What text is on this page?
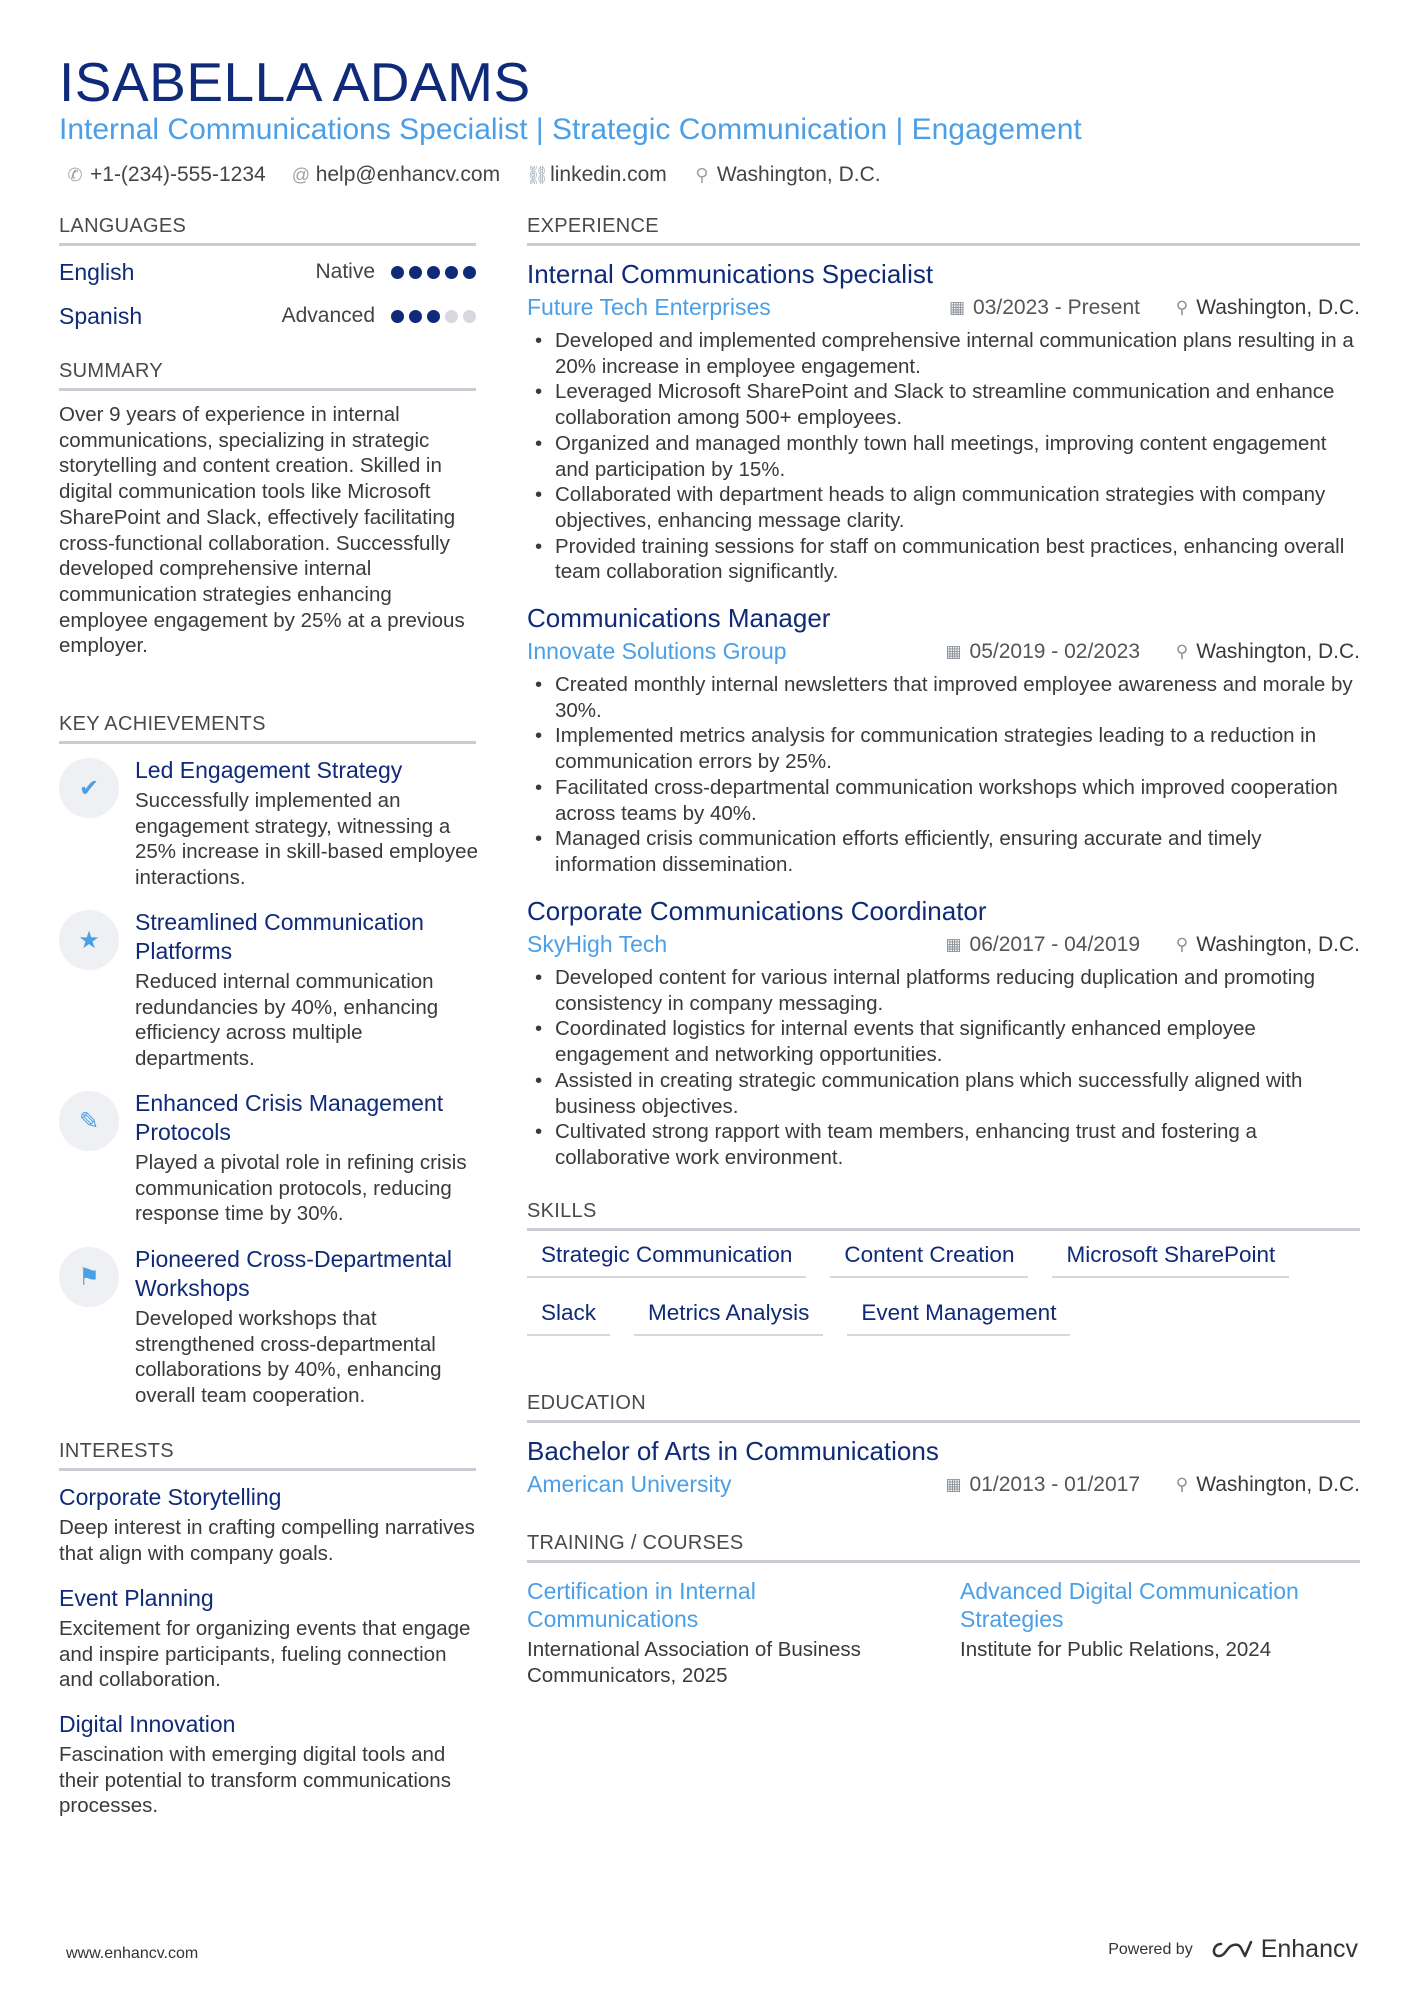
ISABELLA ADAMS
Internal Communications Specialist | Strategic Communication | Engagement
✆ +1-(234)-555-1234 @ help@enhancv.com ⛓ linkedin.com ⚲ Washington, D.C.
LANGUAGES
English	Native
Spanish	Advanced
SUMMARY
Over 9 years of experience in internal communications, specializing in strategic storytelling and content creation. Skilled in digital communication tools like Microsoft SharePoint and Slack, effectively facilitating cross-functional collaboration. Successfully developed comprehensive internal communication strategies enhancing employee engagement by 25% at a previous employer.
KEY ACHIEVEMENTS
✔
Led Engagement Strategy
Successfully implemented an engagement strategy, witnessing a 25% increase in skill-based employee interactions.
★
Streamlined Communication Platforms
Reduced internal communication redundancies by 40%, enhancing efficiency across multiple departments.
✎
Enhanced Crisis Management Protocols
Played a pivotal role in refining crisis communication protocols, reducing response time by 30%.
⚑
Pioneered Cross-Departmental Workshops
Developed workshops that strengthened cross-departmental collaborations by 40%, enhancing overall team cooperation.
INTERESTS
Corporate Storytelling
Deep interest in crafting compelling narratives that align with company goals.
Event Planning
Excitement for organizing events that engage and inspire participants, fueling connection and collaboration.
Digital Innovation
Fascination with emerging digital tools and their potential to transform communications processes.
EXPERIENCE
Internal Communications Specialist
Future Tech Enterprises	▦ 03/2023 - Present ⚲ Washington, D.C.
• Developed and implemented comprehensive internal communication plans resulting in a 20% increase in employee engagement.
• Leveraged Microsoft SharePoint and Slack to streamline communication and enhance collaboration among 500+ employees.
• Organized and managed monthly town hall meetings, improving content engagement and participation by 15%.
• Collaborated with department heads to align communication strategies with company objectives, enhancing message clarity.
• Provided training sessions for staff on communication best practices, enhancing overall team collaboration significantly.
Communications Manager
Innovate Solutions Group	▦ 05/2019 - 02/2023 ⚲ Washington, D.C.
• Created monthly internal newsletters that improved employee awareness and morale by 30%.
• Implemented metrics analysis for communication strategies leading to a reduction in communication errors by 25%.
• Facilitated cross-departmental communication workshops which improved cooperation across teams by 40%.
• Managed crisis communication efforts efficiently, ensuring accurate and timely information dissemination.
Corporate Communications Coordinator
SkyHigh Tech	▦ 06/2017 - 04/2019 ⚲ Washington, D.C.
• Developed content for various internal platforms reducing duplication and promoting consistency in company messaging.
• Coordinated logistics for internal events that significantly enhanced employee engagement and networking opportunities.
• Assisted in creating strategic communication plans which successfully aligned with business objectives.
• Cultivated strong rapport with team members, enhancing trust and fostering a collaborative work environment.
SKILLS
Strategic Communication	Content Creation	Microsoft SharePoint
Slack	Metrics Analysis	Event Management
EDUCATION
Bachelor of Arts in Communications
American University	▦ 01/2013 - 01/2017 ⚲ Washington, D.C.
TRAINING / COURSES
Certification in Internal Communications
International Association of Business Communicators, 2025
Advanced Digital Communication Strategies
Institute for Public Relations, 2024
www.enhancv.com	Powered by	Enhancv
